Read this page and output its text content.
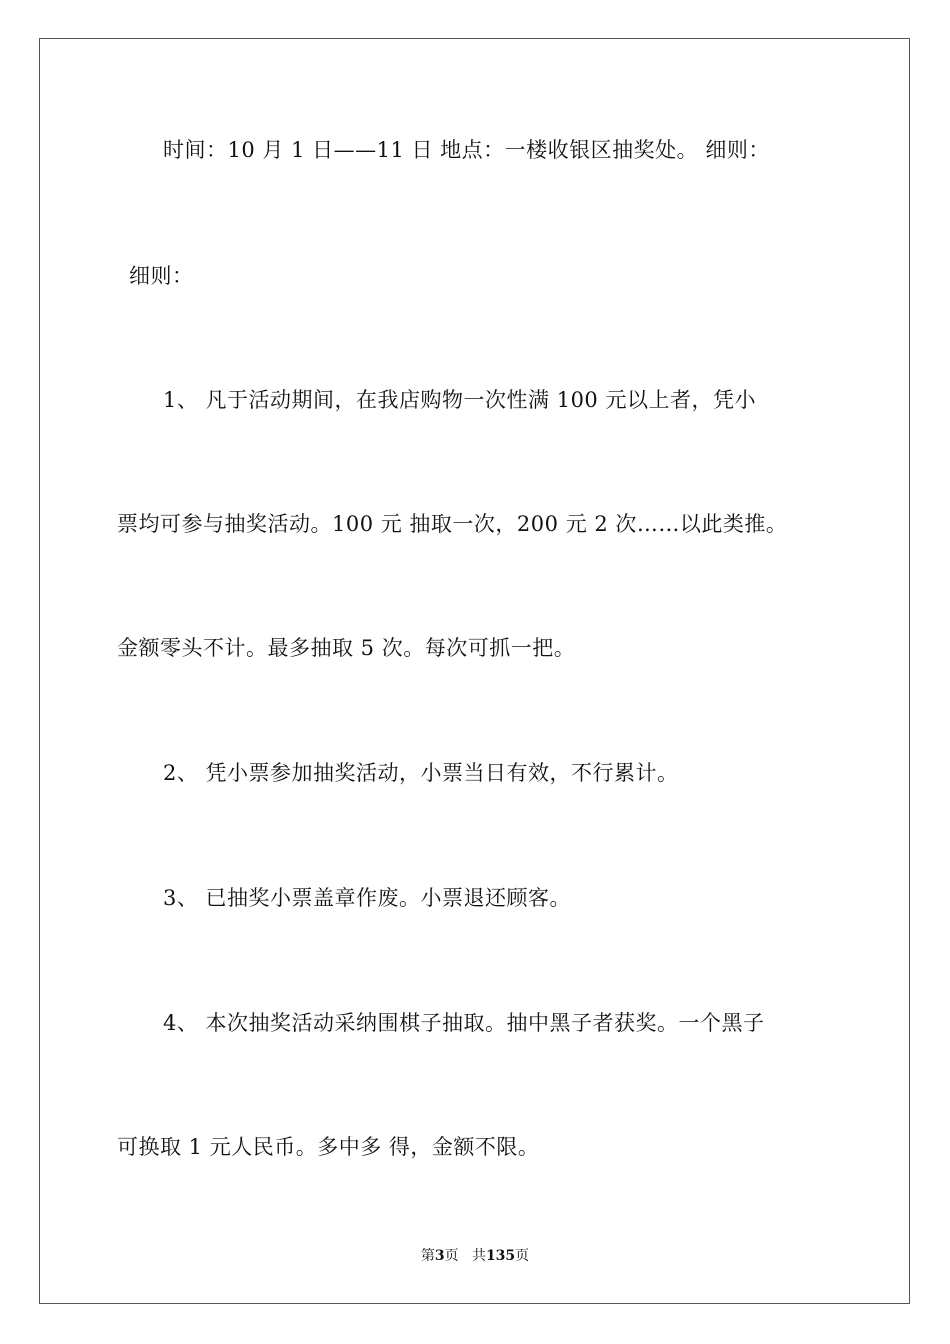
时间：10 月 1 日——11 日 地点：一楼收银区抽奖处。 细则：
细则：
1、 凡于活动期间，在我店购物一次性满 100 元以上者，凭小
票均可参与抽奖活动。100 元 抽取一次，200 元 2 次……以此类推。
金额零头不计。最多抽取 5 次。每次可抓一把。
2、 凭小票参加抽奖活动，小票当日有效，不行累计。
3、 已抽奖小票盖章作废。小票退还顾客。
4、 本次抽奖活动采纳围棋子抽取。抽中黑子者获奖。一个黑子
可换取 1 元人民币。多中多 得，金额不限。
第3页 共135页
